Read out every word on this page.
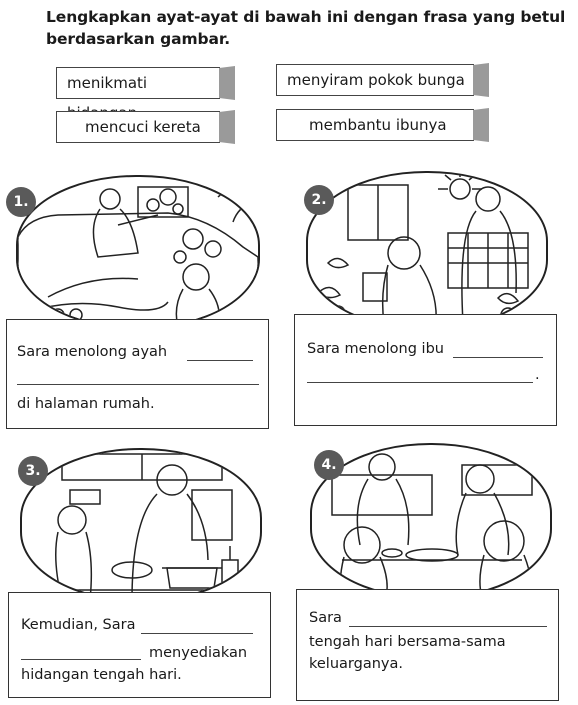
Lengkapkan ayat-ayat di bawah ini dengan frasa yang betul
berdasarkan gambar.
menikmati	menyiram pokok bunga
mencuci kereta	membantu ibunya
1.
Sara menolong ayah
di halaman rumah.
2.
Sara menolong ibu
.
3.
Kemudian, Sara
menyediakan
hidangan tengah hari.
4.
Sara
tengah hari bersama-sama
keluarganya.
